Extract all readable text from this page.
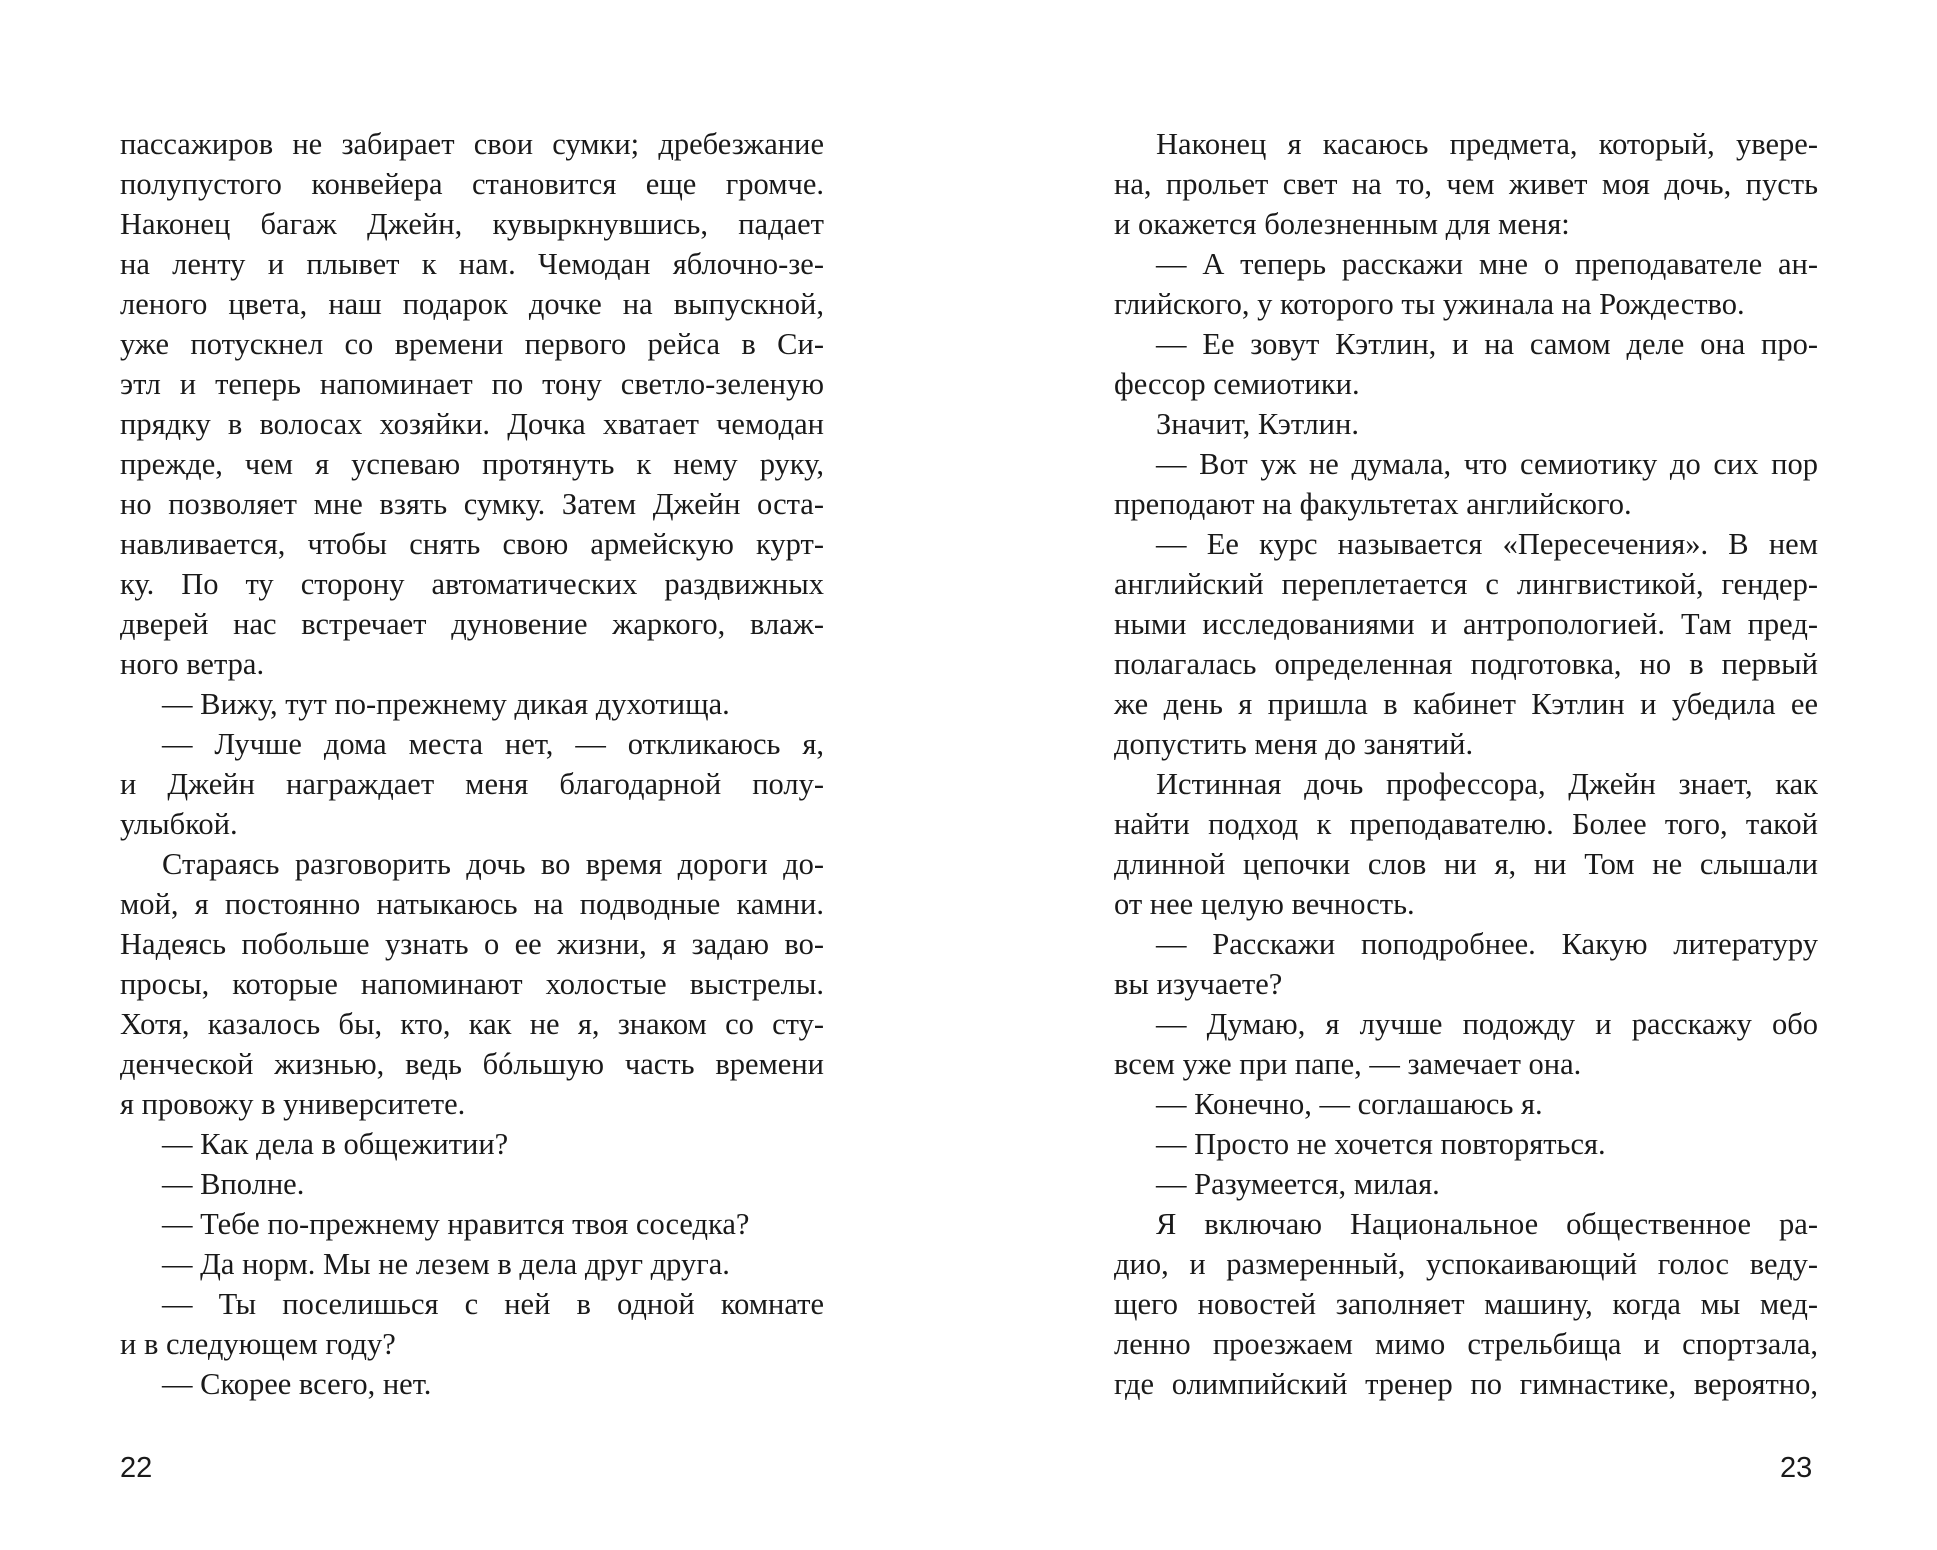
пассажиров не забирает свои сумки; дребезжание
полупустого конвейера становится еще громче.
Наконец багаж Джейн, кувыркнувшись, падает
на ленту и плывет к нам. Чемодан яблочно-зе-
леного цвета, наш подарок дочке на выпускной,
уже потускнел со времени первого рейса в Си-
этл и теперь напоминает по тону светло-зеленую
прядку в волосах хозяйки. Дочка хватает чемодан
прежде, чем я успеваю протянуть к нему руку,
но позволяет мне взять сумку. Затем Джейн оста-
навливается, чтобы снять свою армейскую курт-
ку. По ту сторону автоматических раздвижных
дверей нас встречает дуновение жаркого, влаж-
ного ветра.
— Вижу, тут по-прежнему дикая духотища.
— Лучше дома места нет, — откликаюсь я,
и Джейн награждает меня благодарной полу-
улыбкой.
Стараясь разговорить дочь во время дороги до-
мой, я постоянно натыкаюсь на подводные камни.
Надеясь побольше узнать о ее жизни, я задаю во-
просы, которые напоминают холостые выстрелы.
Хотя, казалось бы, кто, как не я, знаком со сту-
денческой жизнью, ведь бóльшую часть времени
я провожу в университете.
— Как дела в общежитии?
— Вполне.
— Тебе по-прежнему нравится твоя соседка?
— Да норм. Мы не лезем в дела друг друга.
— Ты поселишься с ней в одной комнате
и в следующем году?
— Скорее всего, нет.
Наконец я касаюсь предмета, который, увере-
на, прольет свет на то, чем живет моя дочь, пусть
и окажется болезненным для меня:
— А теперь расскажи мне о преподавателе ан-
глийского, у которого ты ужинала на Рождество.
— Ее зовут Кэтлин, и на самом деле она про-
фессор семиотики.
Значит, Кэтлин.
— Вот уж не думала, что семиотику до сих пор
преподают на факультетах английского.
— Ее курс называется «Пересечения». В нем
английский переплетается с лингвистикой, гендер-
ными исследованиями и антропологией. Там пред-
полагалась определенная подготовка, но в первый
же день я пришла в кабинет Кэтлин и убедила ее
допустить меня до занятий.
Истинная дочь профессора, Джейн знает, как
найти подход к преподавателю. Более того, такой
длинной цепочки слов ни я, ни Том не слышали
от нее целую вечность.
— Расскажи поподробнее. Какую литературу
вы изучаете?
— Думаю, я лучше подожду и расскажу обо
всем уже при папе, — замечает она.
— Конечно, — соглашаюсь я.
— Просто не хочется повторяться.
— Разумеется, милая.
Я включаю Национальное общественное ра-
дио, и размеренный, успокаивающий голос веду-
щего новостей заполняет машину, когда мы мед-
ленно проезжаем мимо стрельбища и спортзала,
где олимпийский тренер по гимнастике, вероятно,
22	23
